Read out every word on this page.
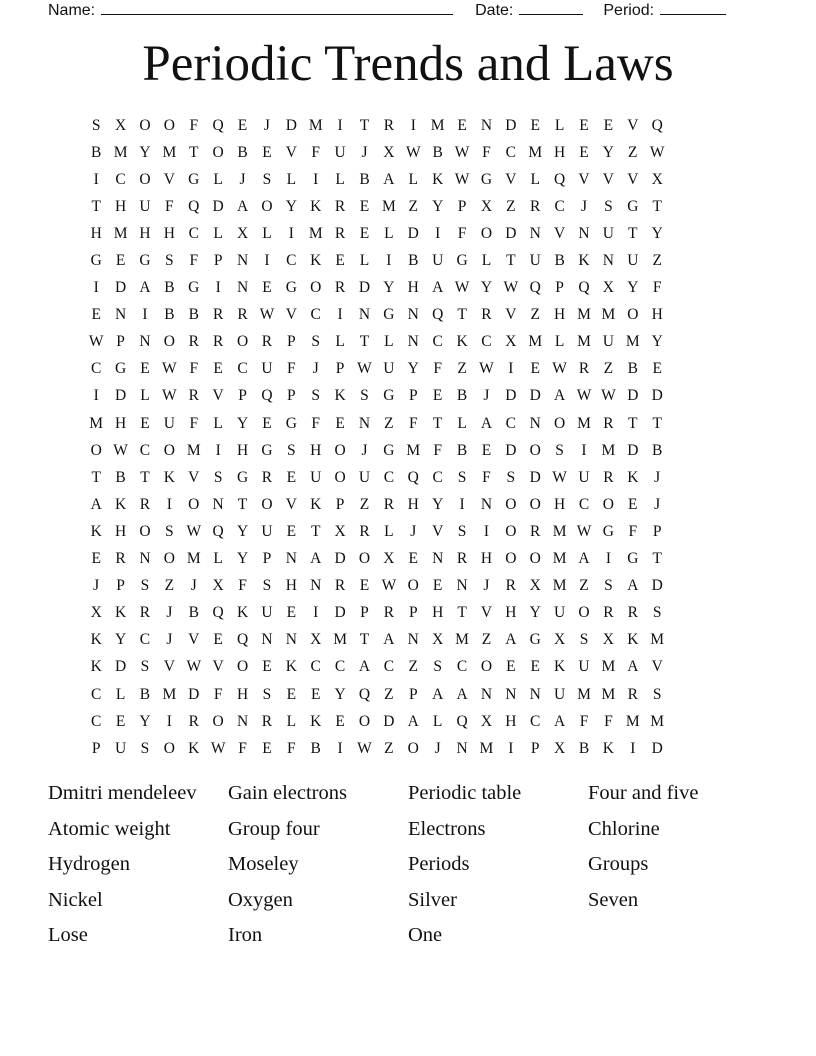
Name:	Date:	Period:
Periodic Trends and Laws
S X O O F Q E	J	D M I	T R	I M E N D E L E E V Q
B M Y M T O B E V F U	J	X W B W F C M H E Y Z W
I	C O V G L	J	S L	I	L B A L K W G V L Q V V V X
T H U F Q D A O Y K R E M Z Y P X Z R C	J	S G T
H M H H C L X L	I M R E L D	I	F O D N V N U T Y
G E G S	F	P N	I	C K E L	I	B U G L T U B K N U Z
I	D A B G	I	N E G O R D Y H A W Y W Q P Q X Y F
E N	I	B B R R W V C	I	N G N Q T R V Z H M M O H
W P N O R R O R P	S L T L N C K C X M L M U M Y
C G E W F E C U F	J	P W U Y F Z W I	E W R Z B E
I	D L W R V P Q P	S K S G P E B	J	D D A W W D D
M H E U F L Y E G F E N Z F T L A C N O M R T T
O W C O M I	H G S H O	J	G M F B E D O S	I M D B
T B T K V S G R E U O U C Q C S	F	S D W U R K	J
A K R	I	O N T O V K P Z R H Y	I	N O O H C O E	J
K H O S W Q Y U E T X R L	J	V S	I	O R M W G F	P
E R N O M L Y P N A D O X E N R H O O M A	I	G T
J	P	S Z	J	X F	S H N R E W O E N	J	R X M Z S A D
X K R	J	B Q K U E	I	D P R P H T V H Y U O R R S
K Y C	J	V E Q N N X M T A N X M Z A G X S X K M
K D S V W V O E K C C A C Z S C O E E K U M A V
C L B M D F H S E E Y Q Z P A A N N N U M M R S
C E Y	I	R O N R L K E O D A L Q X H C A F	F M M
P U S O K W F E F B	I W Z O	J	N M I	P X B K	I	D
Dmitri mendeleev	Gain electrons	Periodic table	Four and five
Atomic weight	Group four	Electrons	Chlorine
Hydrogen	Moseley	Periods	Groups
Nickel	Oxygen	Silver	Seven
Lose	Iron	One
